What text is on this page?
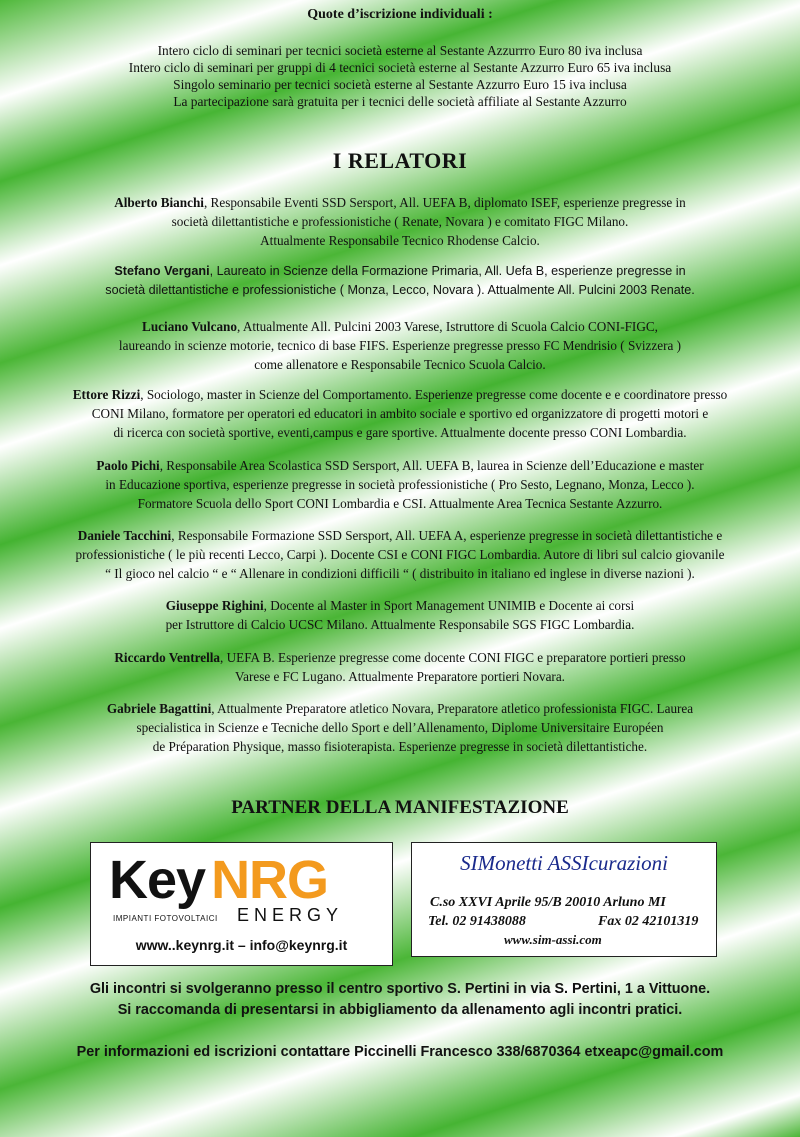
Quote d’iscrizione individuali :
Intero ciclo di seminari per tecnici società esterne al Sestante Azzurrro Euro 80 iva inclusa
Intero ciclo di seminari per gruppi di 4 tecnici società esterne al Sestante Azzurro Euro 65 iva inclusa
Singolo seminario per tecnici società esterne al Sestante Azzurro Euro 15 iva inclusa
La partecipazione sarà gratuita per i tecnici delle società affiliate al Sestante Azzurro
I RELATORI
Alberto Bianchi, Responsabile Eventi SSD Sersport, All. UEFA B, diplomato ISEF, esperienze pregresse in
società dilettantistiche e professionistiche ( Renate, Novara ) e comitato FIGC Milano.
Attualmente Responsabile Tecnico Rhodense Calcio.
Stefano Vergani, Laureato in Scienze della Formazione Primaria, All. Uefa B, esperienze pregresse in
società dilettantistiche e professionistiche ( Monza, Lecco, Novara ). Attualmente All. Pulcini 2003 Renate.
Luciano Vulcano, Attualmente All. Pulcini 2003 Varese, Istruttore di Scuola Calcio CONI-FIGC,
laureando in scienze motorie, tecnico di base FIFS. Esperienze pregresse presso FC Mendrisio ( Svizzera )
come allenatore e Responsabile Tecnico Scuola Calcio.
Ettore Rizzi, Sociologo, master in Scienze del Comportamento. Esperienze pregresse come docente e e coordinatore presso
CONI Milano, formatore per operatori ed educatori in ambito sociale e sportivo ed organizzatore di progetti motori e
di ricerca con società sportive, eventi,campus e gare sportive. Attualmente docente presso CONI Lombardia.
Paolo Pichi, Responsabile Area Scolastica SSD Sersport, All. UEFA B, laurea in Scienze dell’Educazione e master
in Educazione sportiva, esperienze pregresse in società professionistiche ( Pro Sesto, Legnano, Monza, Lecco ).
Formatore Scuola dello Sport CONI Lombardia e CSI. Attualmente Area Tecnica Sestante Azzurro.
Daniele Tacchini, Responsabile Formazione SSD Sersport, All. UEFA A, esperienze pregresse in società dilettantistiche e
professionistiche ( le più recenti Lecco, Carpi ). Docente CSI e CONI FIGC Lombardia. Autore di libri sul calcio giovanile
“ Il gioco nel calcio “ e “ Allenare in condizioni difficili “ ( distribuito in italiano ed inglese in diverse nazioni ).
Giuseppe Righini, Docente al Master in Sport Management UNIMIB e Docente ai corsi
per Istruttore di Calcio UCSC Milano. Attualmente Responsabile SGS FIGC Lombardia.
Riccardo Ventrella, UEFA B. Esperienze pregresse come docente CONI FIGC e preparatore portieri presso
Varese e FC Lugano. Attualmente Preparatore portieri Novara.
Gabriele Bagattini, Attualmente Preparatore atletico Novara, Preparatore atletico professionista FIGC. Laurea
specialistica in Scienze e Tecniche dello Sport e dell’Allenamento, Diplome Universitaire Européen
de Préparation Physique, masso fisioterapista. Esperienze pregresse in società dilettantistiche.
PARTNER DELLA MANIFESTAZIONE
Key NRG
IMPIANTI FOTOVOLTAICI ENERGY
www..keynrg.it – info@keynrg.it
SIMonetti ASSIcurazioni
C.so XXVI Aprile 95/B 20010 Arluno MI
Tel. 02 91438088	Fax 02 42101319
www.sim-assi.com
Gli incontri si svolgeranno presso il centro sportivo S. Pertini in via S. Pertini, 1 a Vittuone.
Si raccomanda di presentarsi in abbigliamento da allenamento agli incontri pratici.
Per informazioni ed iscrizioni contattare Piccinelli Francesco 338/6870364 etxeapc@gmail.com
